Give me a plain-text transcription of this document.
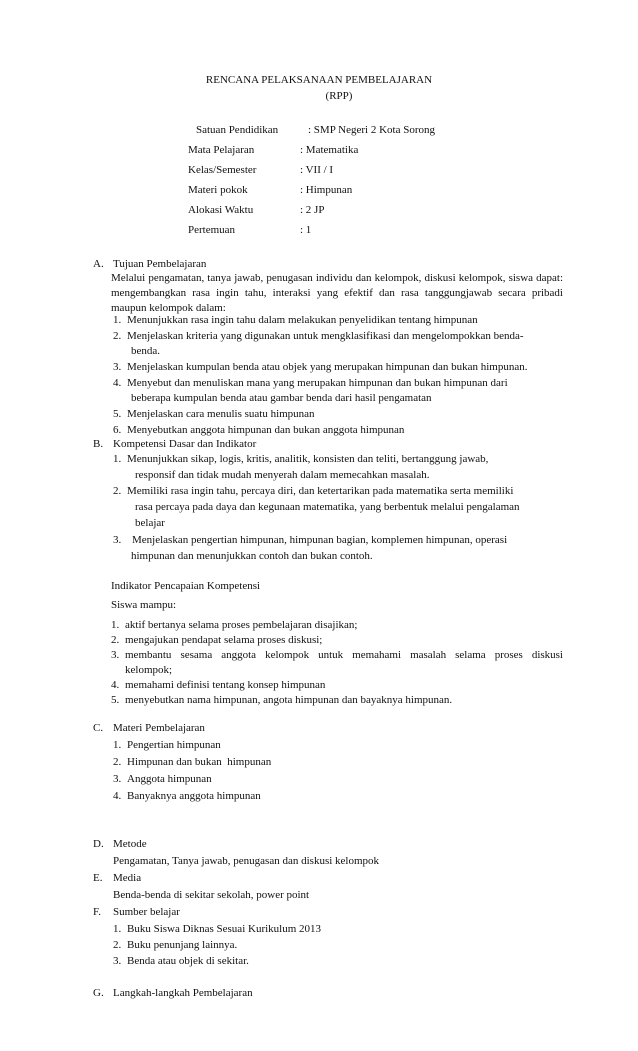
RENCANA PELAKSANAAN PEMBELAJARAN
(RPP)
Satuan Pendidikan	: SMP Negeri 2 Kota Sorong
Mata Pelajaran	: Matematika
Kelas/Semester	: VII / I
Materi pokok	: Himpunan
Alokasi Waktu	: 2 JP
Pertemuan	: 1
A. Tujuan Pembelajaran
Melalui pengamatan, tanya jawab, penugasan individu dan kelompok, diskusi kelompok, siswa dapat: mengembangkan rasa ingin tahu, interaksi yang efektif dan rasa tanggungjawab secara pribadi maupun kelompok dalam:
1. Menunjukkan rasa ingin tahu dalam melakukan penyelidikan tentang himpunan
2. Menjelaskan kriteria yang digunakan untuk mengklasifikasi dan mengelompokkan benda-
benda.
3. Menjelaskan kumpulan benda atau objek yang merupakan himpunan dan bukan himpunan.
4. Menyebut dan menuliskan mana yang merupakan himpunan dan bukan himpunan dari
beberapa kumpulan benda atau gambar benda dari hasil pengamatan
5. Menjelaskan cara menulis suatu himpunan
6. Menyebutkan anggota himpunan dan bukan anggota himpunan
B. Kompetensi Dasar dan Indikator
1. Menunjukkan sikap, logis, kritis, analitik, konsisten dan teliti, bertanggung jawab,
responsif dan tidak mudah menyerah dalam memecahkan masalah.
2. Memiliki rasa ingin tahu, percaya diri, dan ketertarikan pada matematika serta memiliki
rasa percaya pada daya dan kegunaan matematika, yang berbentuk melalui pengalaman
belajar
3. Menjelaskan pengertian himpunan, himpunan bagian, komplemen himpunan, operasi
himpunan dan menunjukkan contoh dan bukan contoh.
Indikator Pencapaian Kompetensi
Siswa mampu:
1. aktif bertanya selama proses pembelajaran disajikan;
2. mengajukan pendapat selama proses diskusi;
3. membantu sesama anggota kelompok untuk memahami masalah selama proses diskusi
kelompok;
4. memahami definisi tentang konsep himpunan
5. menyebutkan nama himpunan, angota himpunan dan bayaknya himpunan.
C. Materi Pembelajaran
1. Pengertian himpunan
2. Himpunan dan bukan  himpunan
3. Anggota himpunan
4. Banyaknya anggota himpunan
D. Metode
Pengamatan, Tanya jawab, penugasan dan diskusi kelompok
E. Media
Benda-benda di sekitar sekolah, power point
F. Sumber belajar
1. Buku Siswa Diknas Sesuai Kurikulum 2013
2. Buku penunjang lainnya.
3. Benda atau objek di sekitar.
G. Langkah-langkah Pembelajaran
